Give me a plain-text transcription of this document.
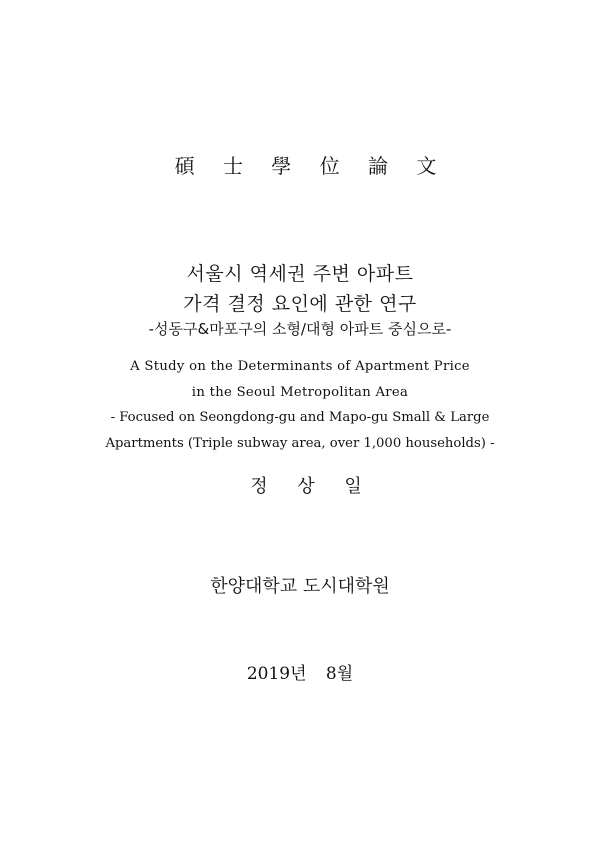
碩 士 學 位 論 文
서울시 역세권 주변 아파트
가격 결정 요인에 관한 연구
-성동구&마포구의 소형/대형 아파트 중심으로-
A Study on the Determinants of Apartment Price
in the Seoul Metropolitan Area
- Focused on Seongdong-gu and Mapo-gu Small & Large
Apartments (Triple subway area, over 1,000 households) -
정 상 일
한양대학교 도시대학원
2019년 8월
